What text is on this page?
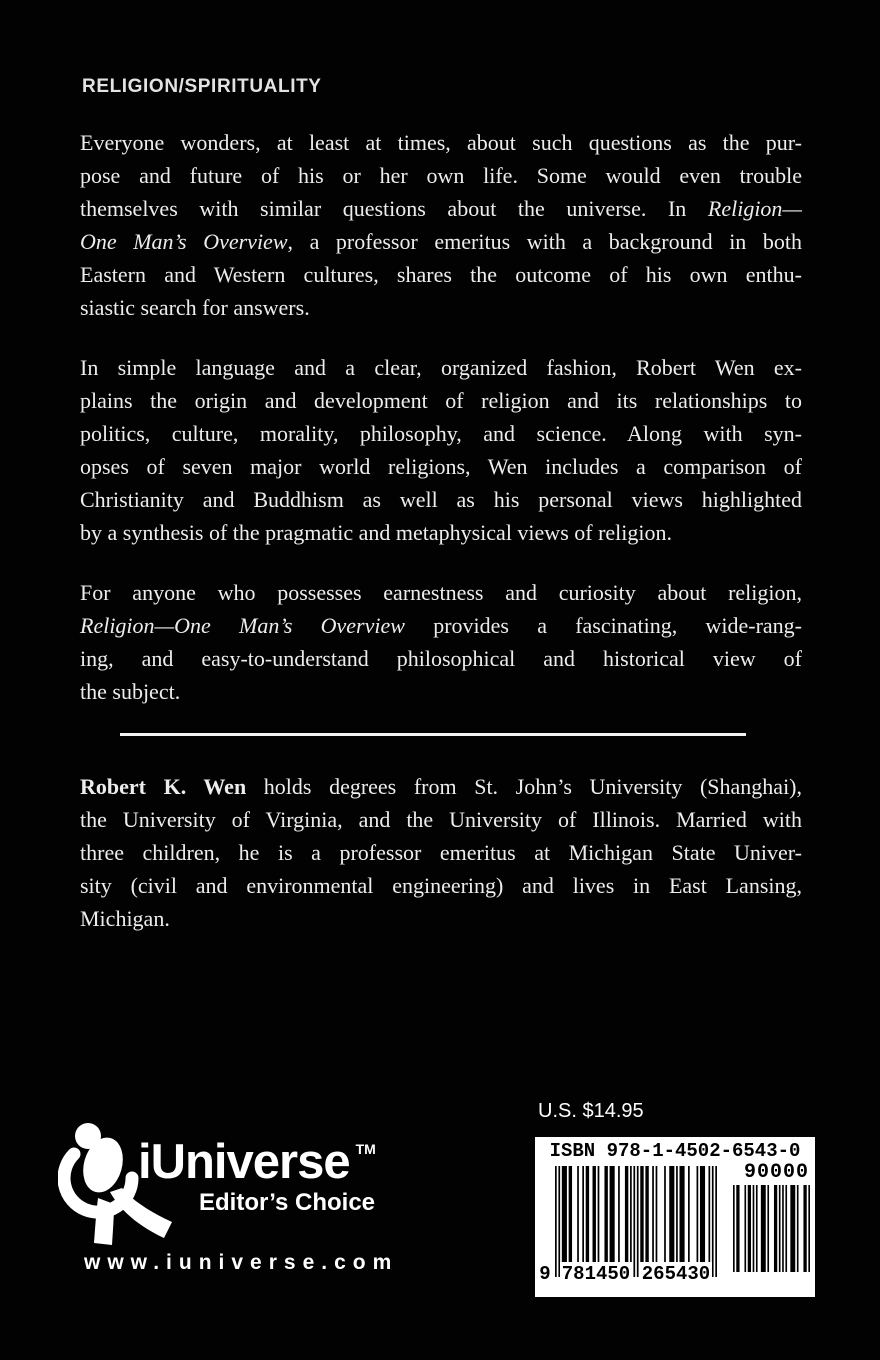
RELIGION/SPIRITUALITY
Everyone wonders, at least at times, about such questions as the pur-
pose and future of his or her own life. Some would even trouble
themselves with similar questions about the universe. In Religion—
One Man’s Overview, a professor emeritus with a background in both
Eastern and Western cultures, shares the outcome of his own enthu-
siastic search for answers.
In simple language and a clear, organized fashion, Robert Wen ex-
plains the origin and development of religion and its relationships to
politics, culture, morality, philosophy, and science. Along with syn-
opses of seven major world religions, Wen includes a comparison of
Christianity and Buddhism as well as his personal views highlighted
by a synthesis of the pragmatic and metaphysical views of religion.
For anyone who possesses earnestness and curiosity about religion,
Religion—One Man’s Overview provides a fascinating, wide-rang-
ing, and easy-to-understand philosophical and historical view of
the subject.
Robert K. Wen holds degrees from St. John’s University (Shanghai),
the University of Virginia, and the University of Illinois. Married with
three children, he is a professor emeritus at Michigan State Univer-
sity (civil and environmental engineering) and lives in East Lansing,
Michigan.
iUniverse ™
Editor’s Choice
www.iuniverse.com
U.S. $14.95
ISBN 978-1-4502-6543-0
90000
9 781450 265430
